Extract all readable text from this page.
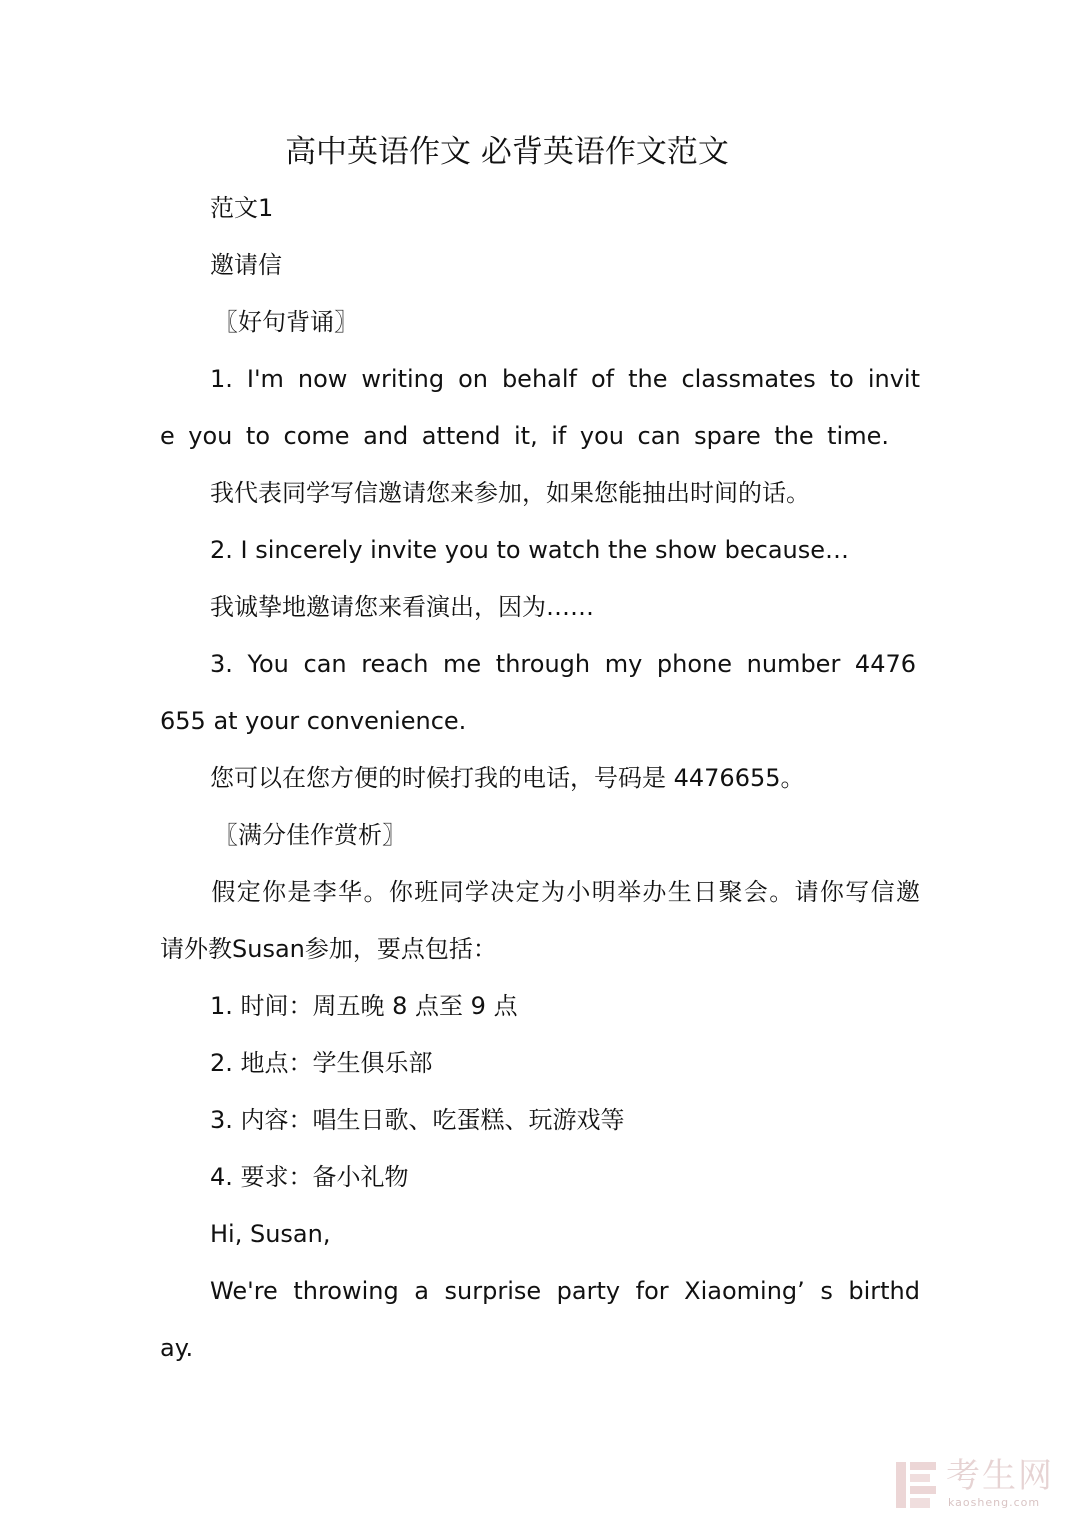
高中英语作文 必背英语作文范文
范文1
邀请信
〖好句背诵〗
1. I'm now writing on behalf of the classmates to invit
e you to come and attend it, if you can spare the time.
我代表同学写信邀请您来参加，如果您能抽出时间的话。
2. I sincerely invite you to watch the show because…
我诚挚地邀请您来看演出，因为……
3. You can reach me through my phone number 4476
655 at your convenience.
您可以在您方便的时候打我的电话，号码是 4476655。
〖满分佳作赏析〗
假定你是李华。你班同学决定为小明举办生日聚会。请你写信邀
请外教Susan参加，要点包括：
1. 时间：周五晚 8 点至 9 点
2. 地点：学生俱乐部
3. 内容：唱生日歌、吃蛋糕、玩游戏等
4. 要求：备小礼物
Hi, Susan,
We're throwing a surprise party for Xiaoming’ s birthd
ay.
考生网
kaosheng.com
